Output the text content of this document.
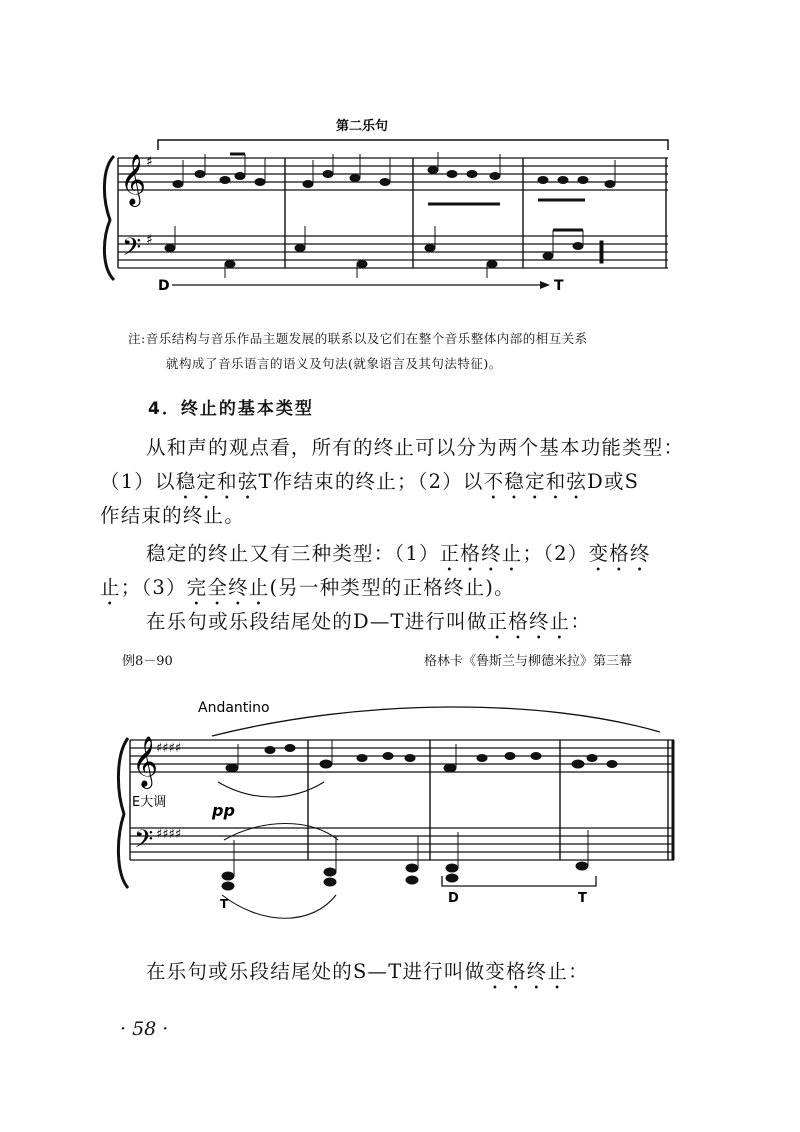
第二乐句
𝄞
𝄢
♯
♯
D	T
注:音乐结构与音乐作品主题发展的联系以及它们在整个音乐整体内部的相互关系
就构成了音乐语言的语义及句法(就象语言及其句法特征)。
4．终止的基本类型
从和声的观点看，所有的终止可以分为两个基本功能类型：
（1）以稳定和弦T作结束的终止；（2）以不稳定和弦D或S
作结束的终止。
稳定的终止又有三种类型：（1）正格终止；（2）变格终
止；（3）完全终止(另一种类型的正格终止)。
在乐句或乐段结尾处的D—T进行叫做正格终止：
例8－90	格林卡《鲁斯兰与柳德米拉》第三幕
Andantino
𝄞
𝄢
♯♯♯♯
♯♯♯♯
E大调	pp
T	D	T
在乐句或乐段结尾处的S—T进行叫做变格终止：
· 58 ·
